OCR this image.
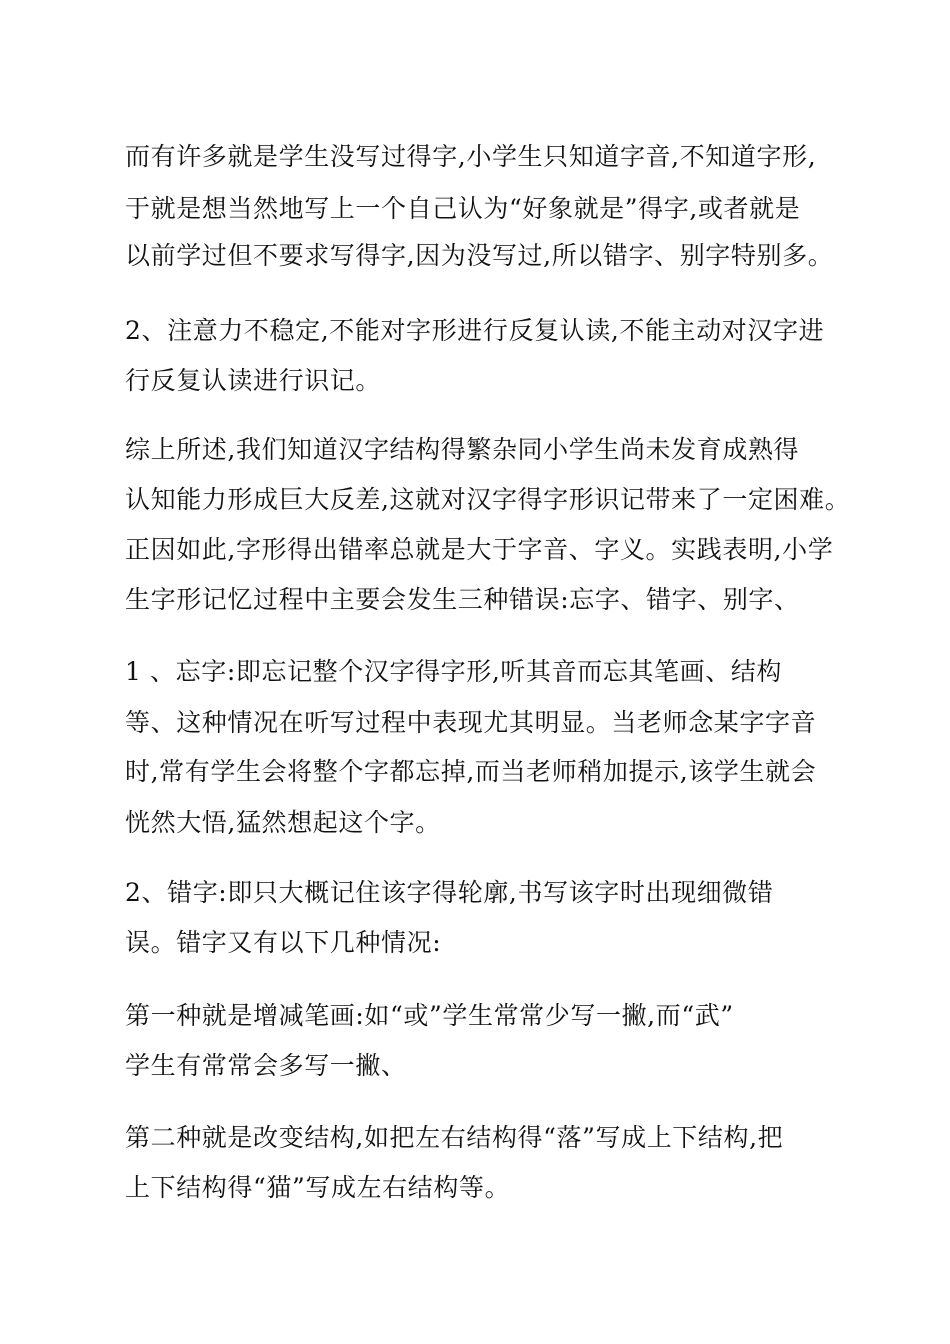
而有许多就是学生没写过得字,小学生只知道字音,不知道字形,
于就是想当然地写上一个自己认为“好象就是”得字,或者就是
以前学过但不要求写得字,因为没写过,所以错字、别字特别多。
2、注意力不稳定,不能对字形进行反复认读,不能主动对汉字进
行反复认读进行识记。
综上所述,我们知道汉字结构得繁杂同小学生尚未发育成熟得
认知能力形成巨大反差,这就对汉字得字形识记带来了一定困难。
正因如此,字形得出错率总就是大于字音、字义。实践表明,小学
生字形记忆过程中主要会发生三种错误:忘字、错字、别字、
1 、忘字:即忘记整个汉字得字形,听其音而忘其笔画、结构
等、这种情况在听写过程中表现尤其明显。当老师念某字字音
时,常有学生会将整个字都忘掉,而当老师稍加提示,该学生就会
恍然大悟,猛然想起这个字。
2、错字:即只大概记住该字得轮廓,书写该字时出现细微错
误。错字又有以下几种情况:
第一种就是增减笔画:如“或”学生常常少写一撇,而“武”
学生有常常会多写一撇、
第二种就是改变结构,如把左右结构得“落”写成上下结构,把
上下结构得“猫”写成左右结构等。
